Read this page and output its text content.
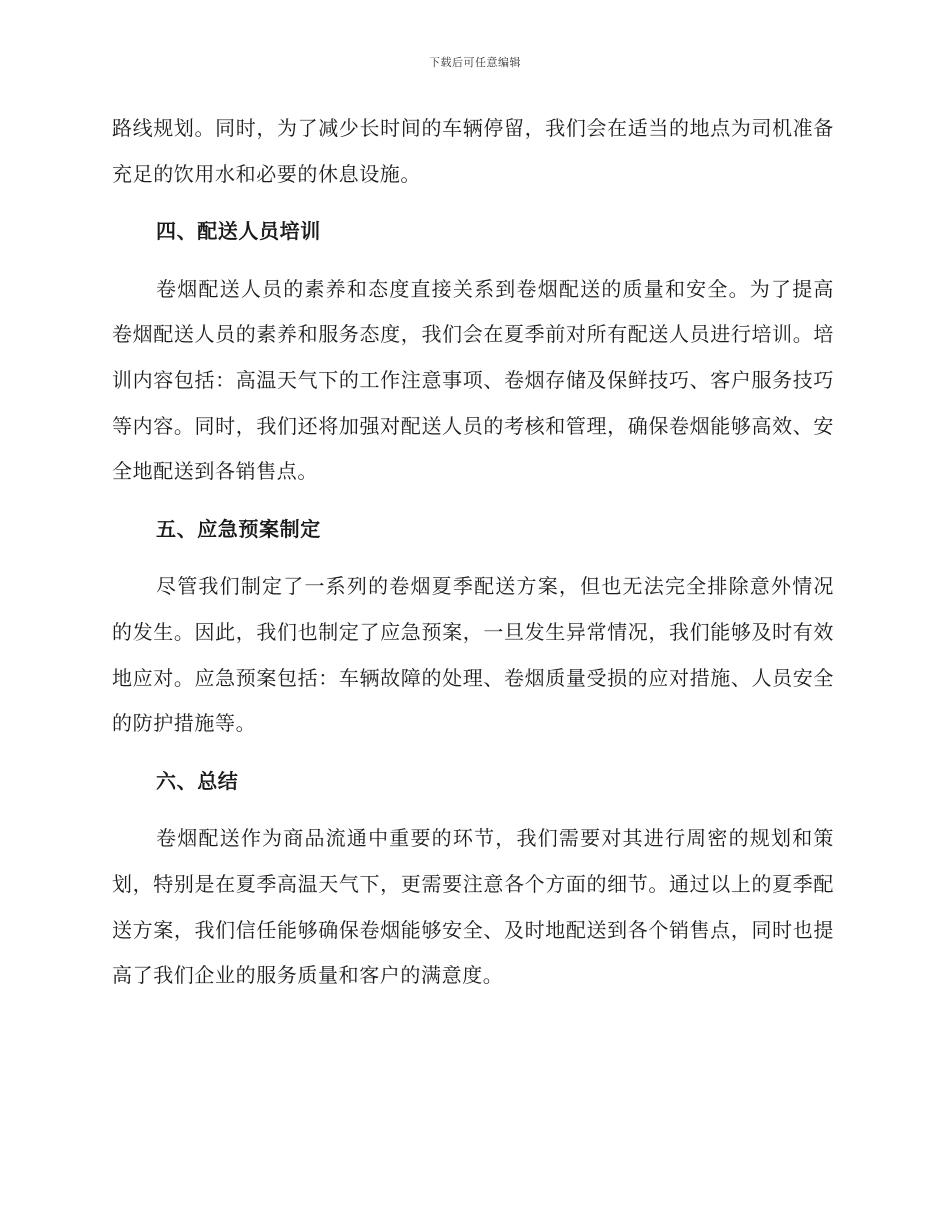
下载后可任意编辑

路线规划。同时，为了减少长时间的车辆停留，我们会在适当的地点为司机准备充足的饮用水和必要的休息设施。

四、配送人员培训

卷烟配送人员的素养和态度直接关系到卷烟配送的质量和安全。为了提高卷烟配送人员的素养和服务态度，我们会在夏季前对所有配送人员进行培训。培训内容包括：高温天气下的工作注意事项、卷烟存储及保鲜技巧、客户服务技巧等内容。同时，我们还将加强对配送人员的考核和管理，确保卷烟能够高效、安全地配送到各销售点。

五、应急预案制定

尽管我们制定了一系列的卷烟夏季配送方案，但也无法完全排除意外情况的发生。因此，我们也制定了应急预案，一旦发生异常情况，我们能够及时有效地应对。应急预案包括：车辆故障的处理、卷烟质量受损的应对措施、人员安全的防护措施等。

六、总结

卷烟配送作为商品流通中重要的环节，我们需要对其进行周密的规划和策划，特别是在夏季高温天气下，更需要注意各个方面的细节。通过以上的夏季配送方案，我们信任能够确保卷烟能够安全、及时地配送到各个销售点，同时也提高了我们企业的服务质量和客户的满意度。
